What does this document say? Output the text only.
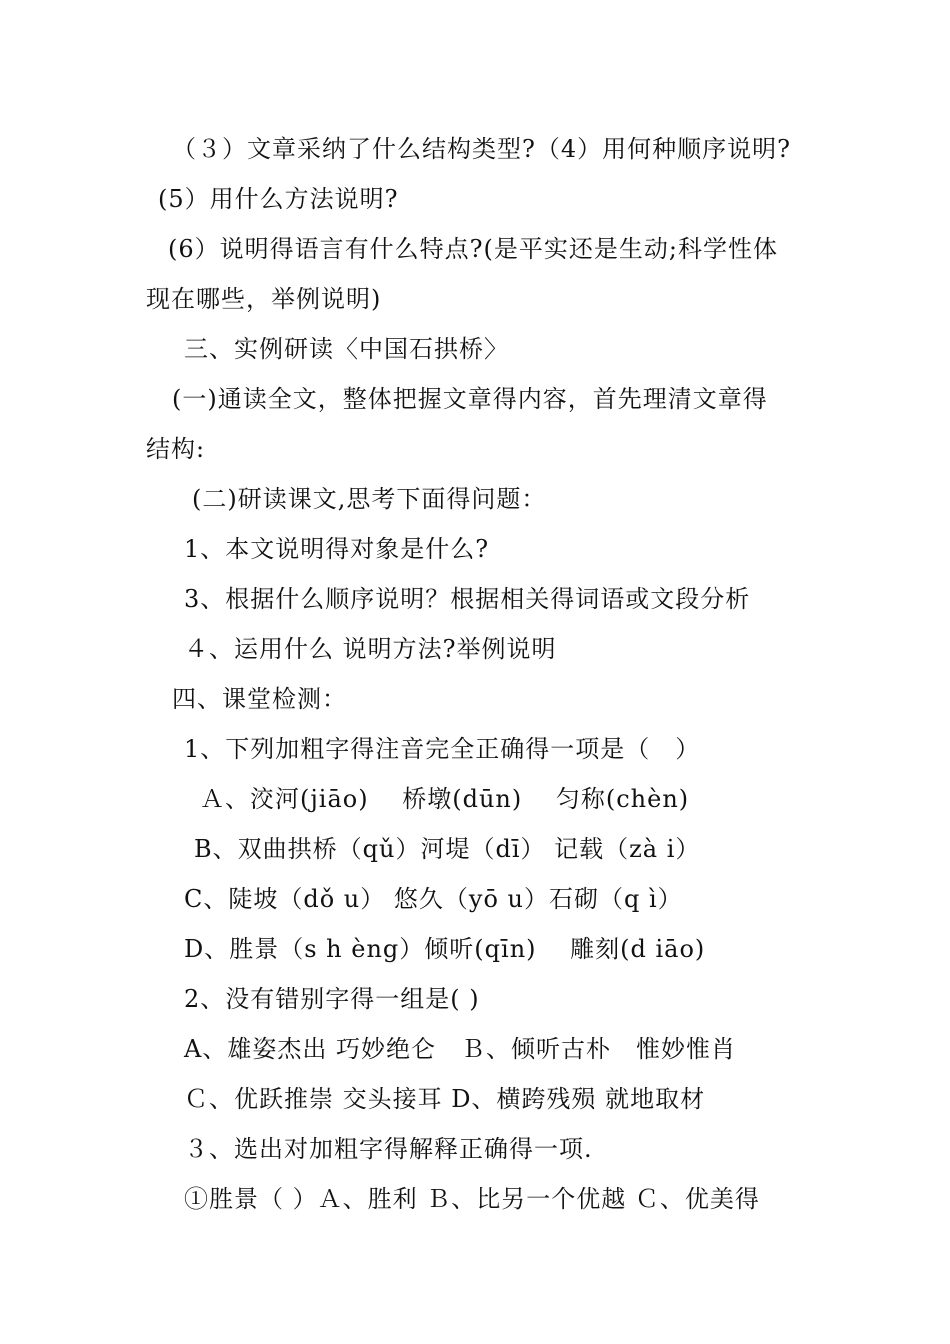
（３）文章采纳了什么结构类型?（4）用何种顺序说明?
(5）用什么方法说明?
(6）说明得语言有什么特点?(是平实还是生动;科学性体
现在哪些，举例说明)
三、实例研读〈中国石拱桥〉
(一)通读全文，整体把握文章得内容，首先理清文章得
结构:
(二)研读课文,思考下面得问题：
1、本文说明得对象是什么?
3、根据什么顺序说明？根据相关得词语或文段分析
４、运用什么 说明方法?举例说明
四、课堂检测：
1、下列加粗字得注音完全正确得一项是（　）
Ａ、洨河(jiāo)　 桥墩(dūn)　 匀称(chèn)
B、双曲拱桥（qǔ）河堤（dī） 记载（zà i）
C、陡坡（dǒ u） 悠久（yō u）石砌（q ì）
D、胜景（s h èng）倾听(qīn)　 雕刻(d iāo)
2、没有错别字得一组是( )
A、雄姿杰出 巧妙绝仑　Ｂ、倾听古朴　惟妙惟肖
Ｃ、优跃推崇 交头接耳 D、横跨残殒 就地取材
３、选出对加粗字得解释正确得一项.
①胜景（ ）Ａ、胜利 Ｂ、比另一个优越 Ｃ、优美得
